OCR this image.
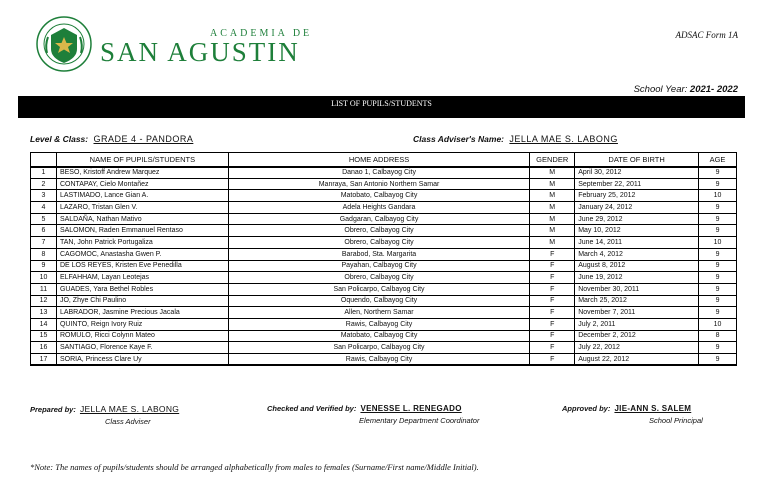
ADSAC Form 1A
ACADEMIA DE
SAN AGUSTIN
School Year: 2021- 2022
LIST OF PUPILS/STUDENTS
Level & Class: GRADE 4 - PANDORA	Class Adviser's Name: JELLA MAE S. LABONG
	NAME OF PUPILS/STUDENTS	HOME ADDRESS	GENDER	DATE OF BIRTH	AGE
1	BESO, Kristoff Andrew Marquez	Danao 1, Calbayog City	M	April 30, 2012	9
2	CONTAPAY, Cielo Montañez	Manraya, San Antonio Northern Samar	M	September 22, 2011	9
3	LASTIMADO, Lance Gian A.	Matobato, Calbayog City	M	February 25, 2012	10
4	LAZARO, Tristan Glen V.	Adela Heights Gandara	M	January 24, 2012	9
5	SALDAÑA, Nathan Mativo	Gadgaran, Calbayog City	M	June 29, 2012	9
6	SALOMON, Raden Emmanuel Rentaso	Obrero, Calbayog City	M	May 10, 2012	9
7	TAN, John Patrick Portugaliza	Obrero, Calbayog City	M	June 14, 2011	10
8	CAGOMOC, Anastasha Gwen P.	Barabod, Sta. Margarita	F	March 4, 2012	9
9	DE LOS REYES, Kristen Eve Penedilla	Payahan, Calbayog City	F	August 8, 2012	9
10	ELFAHHAM, Layan Leotejas	Obrero, Calbayog City	F	June 19, 2012	9
11	GUADES, Yara Bethel Robles	San Policarpo, Calbayog City	F	November 30, 2011	9
12	JO, Zhye Chi Paulino	Oquendo, Calbayog City	F	March 25, 2012	9
13	LABRADOR, Jasmine Precious Jacala	Allen, Northern Samar	F	November 7, 2011	9
14	QUINTO, Reign Ivory Ruiz	Rawis, Calbayog City	F	July 2, 2011	10
15	ROMULO, Ricci Colynn Mateo	Matobato, Calbayog City	F	December 2, 2012	8
16	SANTIAGO, Florence Kaye F.	San Policarpo, Calbayog City	F	July 22, 2012	9
17	SORIA, Princess Clare Uy	Rawis, Calbayog City	F	August 22, 2012	9
Prepared by: JELLA MAE S. LABONG
Class Adviser
Checked and Verified by: VENESSE L. RENEGADO
Elementary Department Coordinator
Approved by: JIE-ANN S. SALEM
School Principal
*Note: The names of pupils/students should be arranged alphabetically from males to females (Surname/First name/Middle Initial).
